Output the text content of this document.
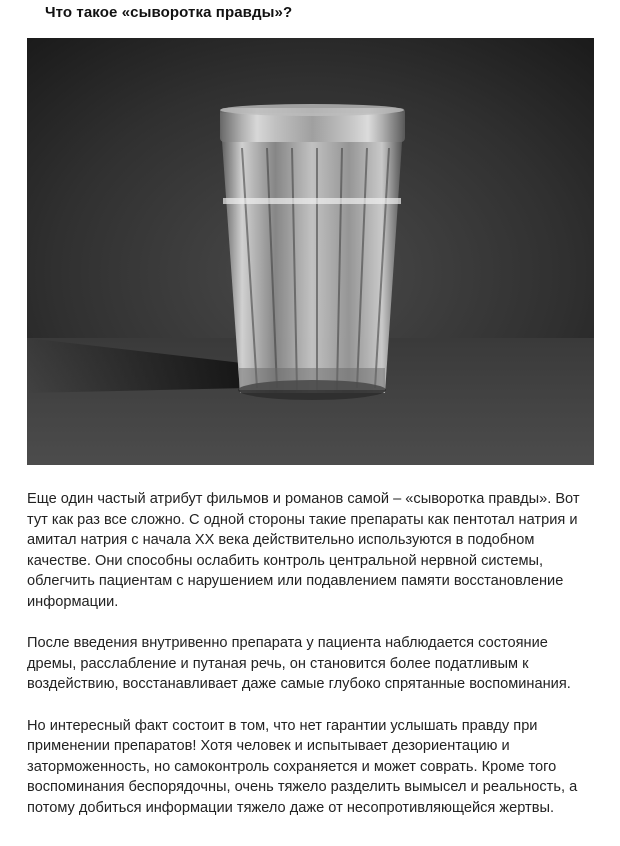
Что такое «сыворотка правды»?

Еще один частый атрибут фильмов и романов самой – «сыворотка правды». Вот тут как раз все сложно. С одной стороны такие препараты как пентотал натрия и амитал натрия с начала XX века действительно используются в подобном качестве. Они способны ослабить контроль центральной нервной системы, облегчить пациентам с нарушением или подавлением памяти восстановление информации.

После введения внутривенно препарата у пациента наблюдается состояние дремы, расслабление и путаная речь, он становится более податливым к воздействию, восстанавливает даже самые глубоко спрятанные воспоминания.

Но интересный факт состоит в том, что нет гарантии услышать правду при применении препаратов! Хотя человек и испытывает дезориентацию и заторможенность, но самоконтроль сохраняется и может соврать. Кроме того воспоминания беспорядочны, очень тяжело разделить вымысел и реальность, а потому добиться информации тяжело даже от несопротивляющейся жертвы.
